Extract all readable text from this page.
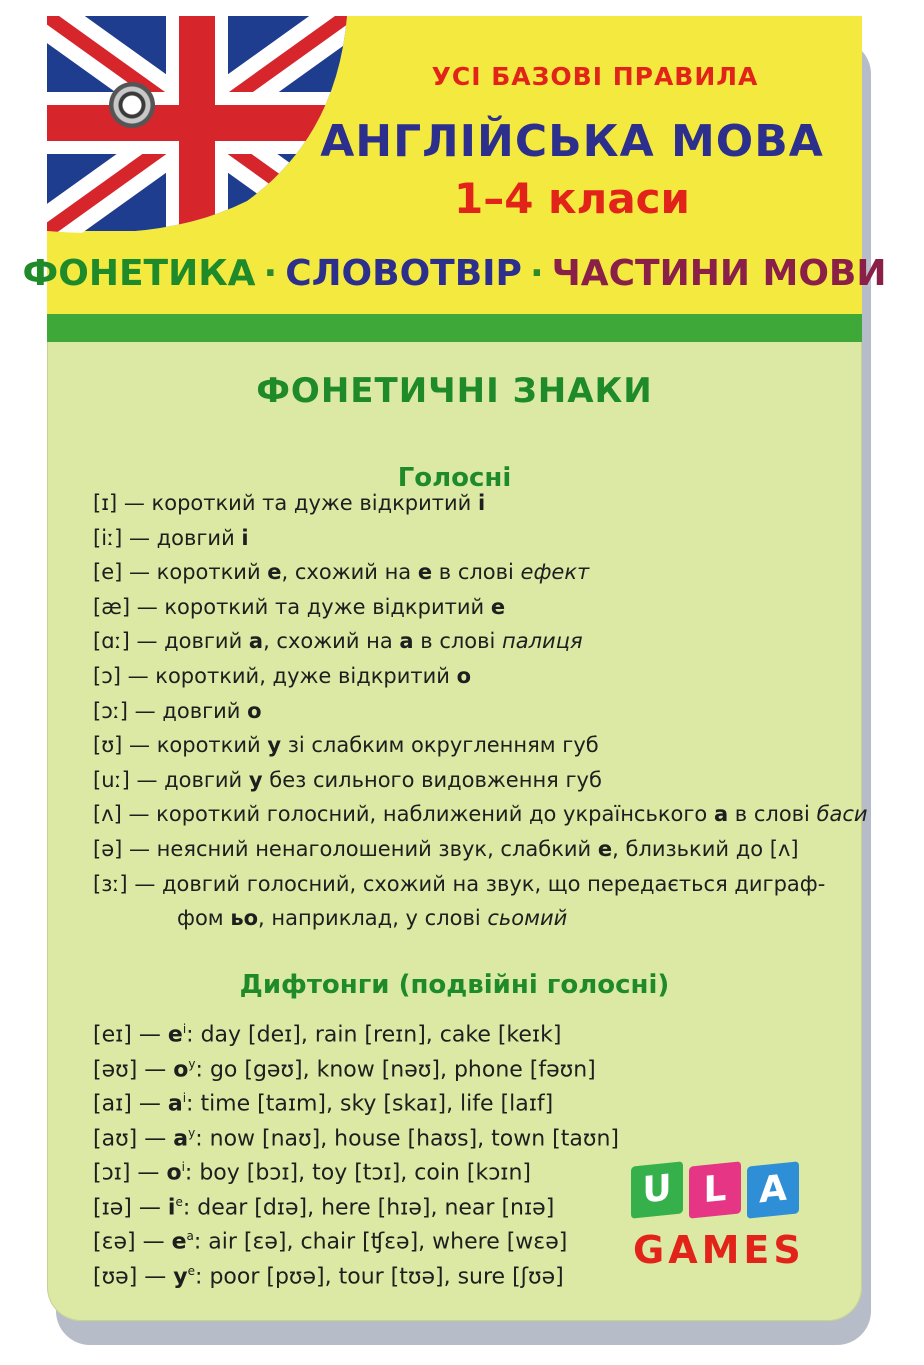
УСІ БАЗОВІ ПРАВИЛА
АНГЛІЙСЬКА МОВА
1–4 класи
ФОНЕТИКА · СЛОВОТВІР · ЧАСТИНИ МОВИ
ФОНЕТИЧНІ ЗНАКИ
Голосні
[ɪ] — короткий та дуже відкритий і
[iː] — довгий і
[e] — короткий е, схожий на е в слові ефект
[æ] — короткий та дуже відкритий е
[ɑː] — довгий а, схожий на а в слові палиця
[ɔ] — короткий, дуже відкритий о
[ɔː] — довгий о
[ʊ] — короткий у зі слабким округленням губ
[uː] — довгий у без сильного видовження губ
[ʌ] — короткий голосний, наближений до українського а в слові баси
[ə] — неясний ненаголошений звук, слабкий е, близький до [ʌ]
[ɜː] — довгий голосний, схожий на звук, що передається диграф-
фом ьо, наприклад, у слові сьомий
Дифтонги (подвійні голосні)
[eɪ] — $e^і$: day [deɪ], rain [reɪn], cake [keɪk]
[əʊ] — $o^у$: go [gəʊ], know [nəʊ], phone [fəʊn]
[aɪ] — $a^і$: time [taɪm], sky [skaɪ], life [laɪf]
[aʊ] — $a^у$: now [naʊ], house [haʊs], town [taʊn]
[ɔɪ] — $o^і$: boy [bɔɪ], toy [tɔɪ], coin [kɔɪn]
[ɪə] — $i^е$: dear [dɪə], here [hɪə], near [nɪə]
[ɛə] — $e^а$: air [ɛə], chair [ʧɛə], where [wɛə]
[ʊə] — $у^е$: poor [pʊə], tour [tʊə], sure [ʃʊə]
U L A
GAMES
